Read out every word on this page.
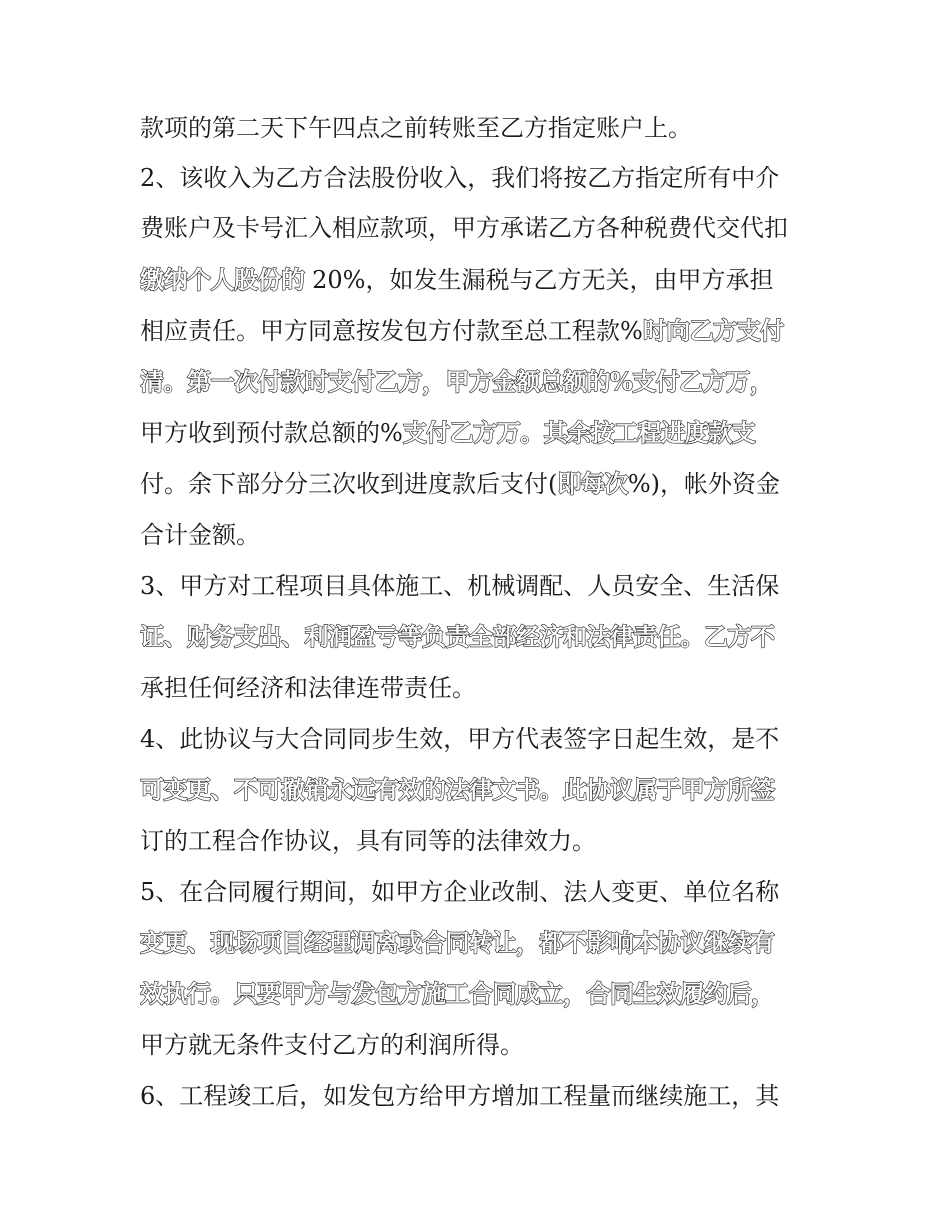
款项的第二天下午四点之前转账至乙方指定账户上。
2、该收入为乙方合法股份收入，我们将按乙方指定所有中介
费账户及卡号汇入相应款项，甲方承诺乙方各种税费代交代扣
缴纳个人股份的 20%，如发生漏税与乙方无关，由甲方承担
相应责任。甲方同意按发包方付款至总工程款%时向乙方支付
清。第一次付款时支付乙方，甲方金额总额的%支付乙方万，
甲方收到预付款总额的%支付乙方万。其余按工程进度款支
付。余下部分分三次收到进度款后支付(即每次%)，帐外资金
合计金额。
3、甲方对工程项目具体施工、机械调配、人员安全、生活保
证、财务支出、利润盈亏等负责全部经济和法律责任。乙方不
承担任何经济和法律连带责任。
4、此协议与大合同同步生效，甲方代表签字日起生效，是不
可变更、不可撤销永远有效的法律文书。此协议属于甲方所签
订的工程合作协议，具有同等的法律效力。
5、在合同履行期间，如甲方企业改制、法人变更、单位名称
变更、现场项目经理调离或合同转让，都不影响本协议继续有
效执行。只要甲方与发包方施工合同成立，合同生效履约后，
甲方就无条件支付乙方的利润所得。
6、工程竣工后，如发包方给甲方增加工程量而继续施工，其
